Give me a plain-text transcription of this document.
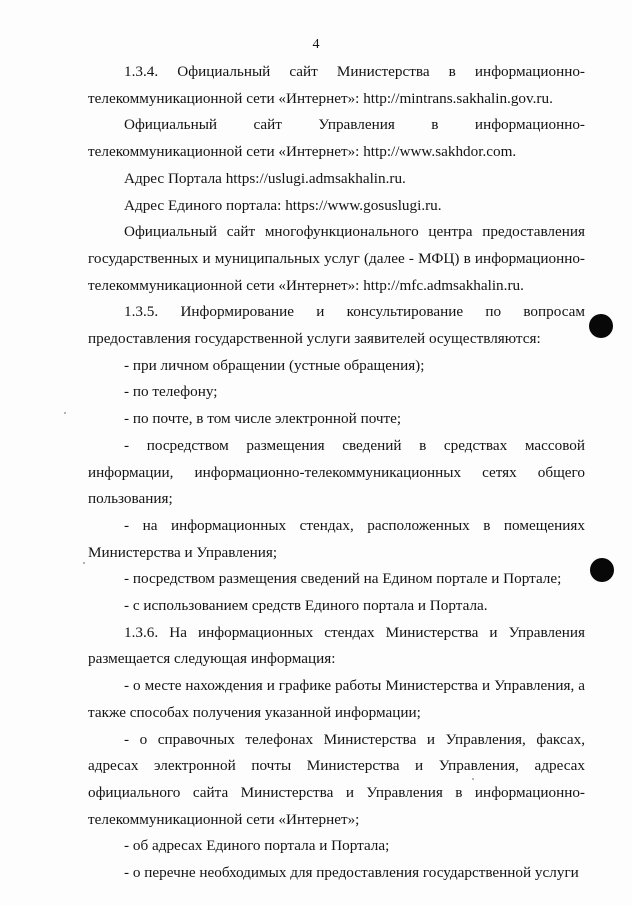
4

1.3.4. Официальный сайт Министерства в информационно-телекоммуникационной сети «Интернет»: http://mintrans.sakhalin.gov.ru.

Официальный сайт Управления в информационно-телекоммуникационной сети «Интернет»: http://www.sakhdor.com.

Адрес Портала https://uslugi.admsakhalin.ru.

Адрес Единого портала: https://www.gosuslugi.ru.

Официальный сайт многофункционального центра предоставления государственных и муниципальных услуг (далее - МФЦ) в информационно-телекоммуникационной сети «Интернет»: http://mfc.admsakhalin.ru.

1.3.5. Информирование и консультирование по вопросам предоставления государственной услуги заявителей осуществляются:

- при личном обращении (устные обращения);

- по телефону;

- по почте, в том числе электронной почте;

- посредством размещения сведений в средствах массовой информации, информационно-телекоммуникационных сетях общего пользования;

- на информационных стендах, расположенных в помещениях Министерства и Управления;

- посредством размещения сведений на Едином портале и Портале;

- с использованием средств Единого портала и Портала.

1.3.6. На информационных стендах Министерства и Управления размещается следующая информация:

- о месте нахождения и графике работы Министерства и Управления, а также способах получения указанной информации;

- о справочных телефонах Министерства и Управления, факсах, адресах электронной почты Министерства и Управления, адресах официального сайта Министерства и Управления в информационно-телекоммуникационной сети «Интернет»;

- об адресах Единого портала и Портала;

- о перечне необходимых для предоставления государственной услуги
